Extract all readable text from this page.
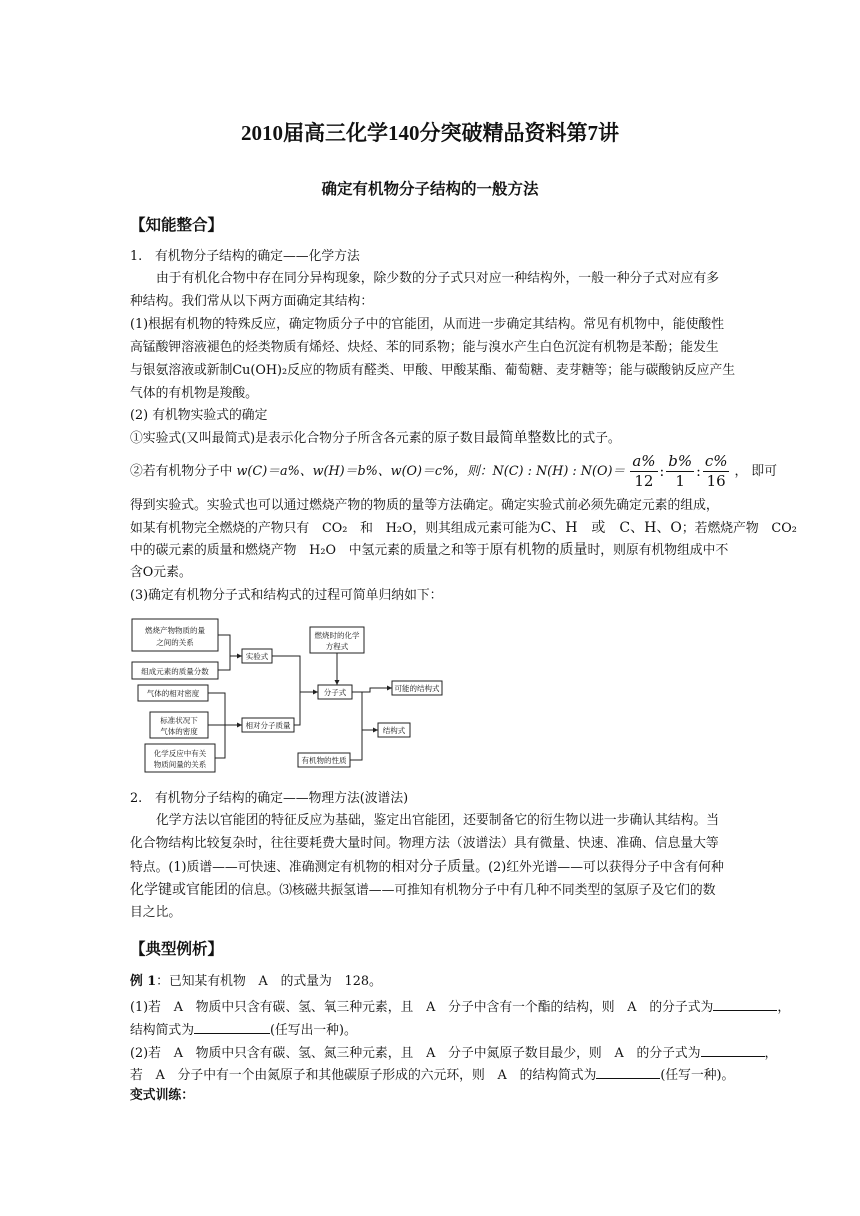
2010届高三化学140分突破精品资料第7讲
确定有机物分子结构的一般方法
【知能整合】
1.　有机物分子结构的确定——化学方法
由于有机化合物中存在同分异构现象，除少数的分子式只对应一种结构外，一般一种分子式对应有多
种结构。我们常从以下两方面确定其结构：
(1)根据有机物的特殊反应，确定物质分子中的官能团，从而进一步确定其结构。常见有机物中，能使酸性
高锰酸钾溶液褪色的烃类物质有烯烃、炔烃、苯的同系物；能与溴水产生白色沉淀有机物是苯酚；能发生
与银氨溶液或新制Cu(OH)₂反应的物质有醛类、甲酸、甲酸某酯、葡萄糖、麦芽糖等；能与碳酸钠反应产生
气体的有机物是羧酸。
(2) 有机物实验式的确定
①实验式(又叫最简式)是表示化合物分子所含各元素的原子数目最简单整数比的式子。
②若有机物分子中 w(C)＝a%、w(H)＝b%、w(O)＝c%，则：N(C) : N(H) : $N(O)= \frac{a\%}{12}$ : $\frac{b\%}{1}$ : $\frac{c\%}{16}$ ， 即可
得到实验式。实验式也可以通过燃烧产物的物质的量等方法确定。确定实验式前必须先确定元素的组成，
如某有机物完全燃烧的产物只有　CO₂　和　H₂O，则其组成元素可能为C、H　或　C、H、O；若燃烧产物　CO₂
中的碳元素的质量和燃烧产物　H₂O　中氢元素的质量之和等于原有机物的质量时，则原有机物组成中不
含O元素。
(3)确定有机物分子式和结构式的过程可简单归纳如下：
燃烧产物物质的量
之间的关系
组成元素的质量分数
气体的相对密度
标准状况下
气体的密度
化学反应中有关
物质间量的关系
实验式
相对分子质量
燃烧时的化学
方程式
分子式	可能的结构式
结构式
有机物的性质
2.　有机物分子结构的确定——物理方法(波谱法)
化学方法以官能团的特征反应为基础，鉴定出官能团，还要制备它的衍生物以进一步确认其结构。当
化合物结构比较复杂时，往往要耗费大量时间。物理方法（波谱法）具有微量、快速、准确、信息量大等
特点。(1)质谱——可快速、准确测定有机物的相对分子质量。(2)红外光谱——可以获得分子中含有何种
化学键或官能团的信息。⑶核磁共振氢谱——可推知有机物分子中有几种不同类型的氢原子及它们的数
目之比。
【典型例析】
例 1：已知某有机物　A　的式量为　128。
(1)若　A　物质中只含有碳、氢、氧三种元素，且　A　分子中含有一个酯的结构，则　A　的分子式为	，
结构简式为	(任写出一种)。
(2)若　A　物质中只含有碳、氢、氮三种元素，且　A　分子中氮原子数目最少，则　A　的分子式为	，
若　A　分子中有一个由氮原子和其他碳原子形成的六元环，则　A　的结构简式为	(任写一种)。
变式训练：
